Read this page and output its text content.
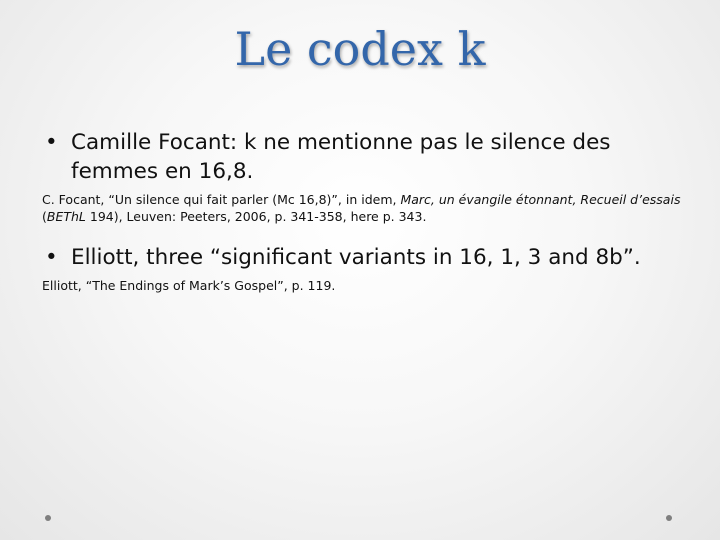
Le codex k
• Camille Focant: k ne mentionne pas le silence des femmes en 16,8.
C. Focant, “Un silence qui fait parler (Mc 16,8)”, in idem, Marc, un évangile étonnant, Recueil d’essais (BEThL 194), Leuven: Peeters, 2006, p. 341-358, here p. 343.
• Elliott, three “significant variants in 16, 1, 3 and 8b”.
Elliott, “The Endings of Mark’s Gospel”, p. 119.
